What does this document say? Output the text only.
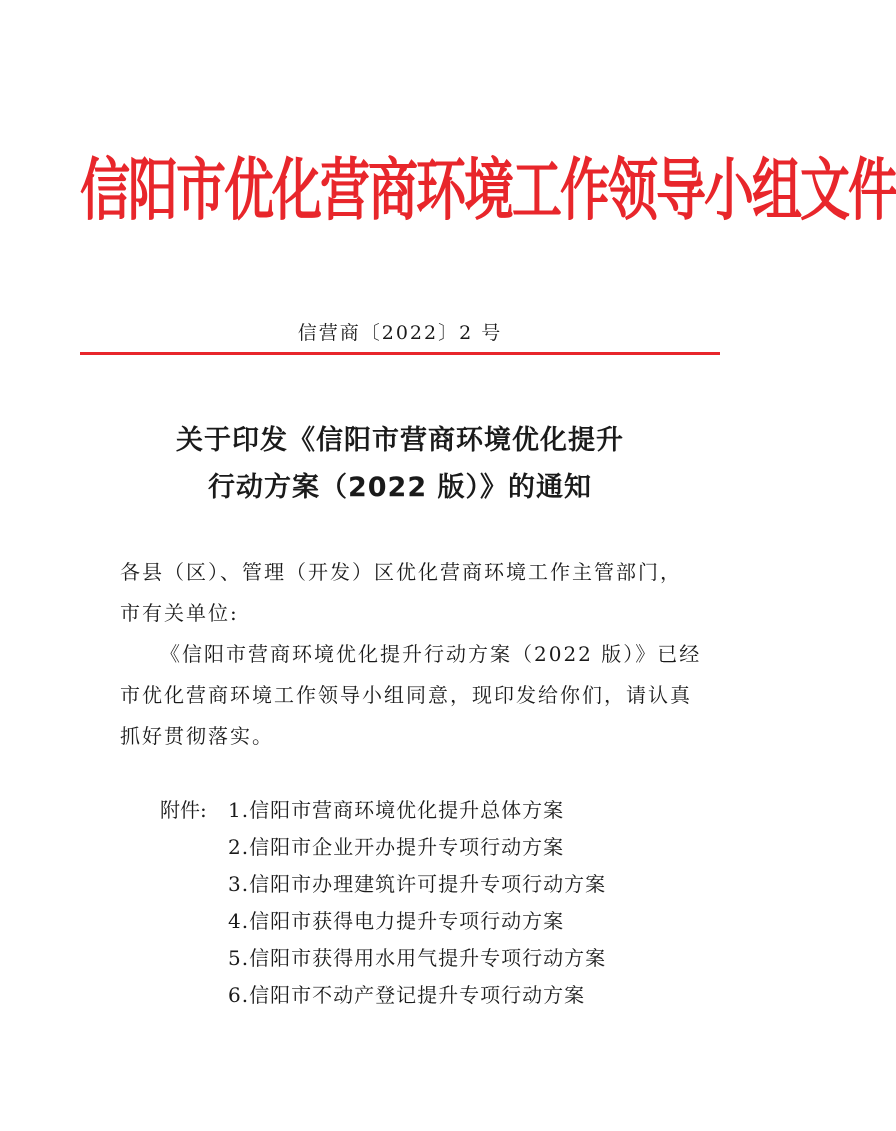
信阳市优化营商环境工作领导小组文件
信营商〔2022〕2 号
关于印发《信阳市营商环境优化提升
行动方案（2022 版）》的通知
各县（区）、管理（开发）区优化营商环境工作主管部门，
市有关单位:
《信阳市营商环境优化提升行动方案（2022 版）》已经
市优化营商环境工作领导小组同意，现印发给你们，请认真
抓好贯彻落实。
附件: 1.信阳市营商环境优化提升总体方案
2.信阳市企业开办提升专项行动方案
3.信阳市办理建筑许可提升专项行动方案
4.信阳市获得电力提升专项行动方案
5.信阳市获得用水用气提升专项行动方案
6.信阳市不动产登记提升专项行动方案
